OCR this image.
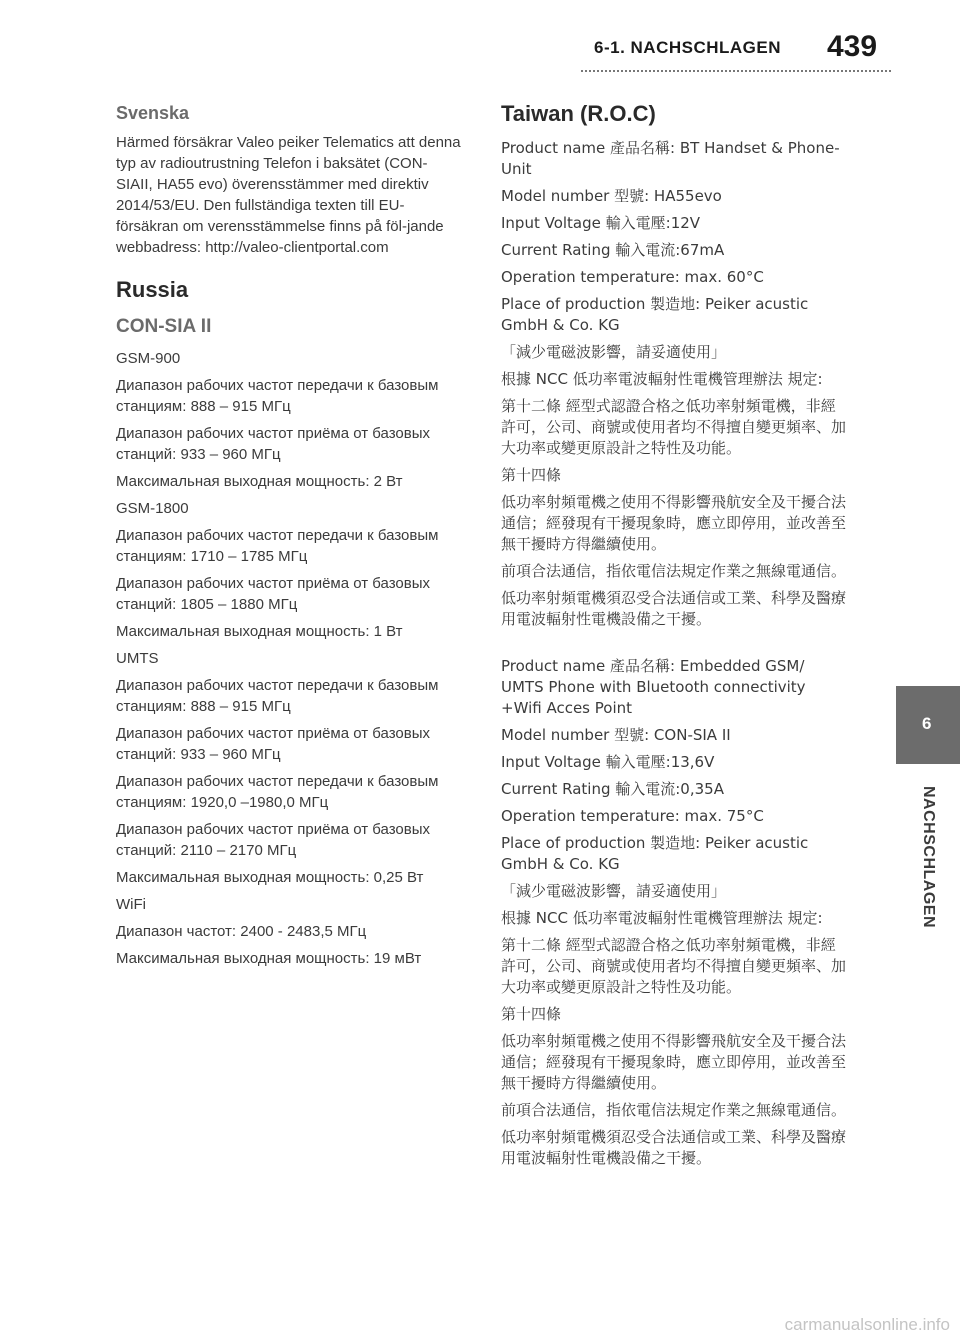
6-1. NACHSCHLAGEN 439
Svenska
Härmed försäkrar Valeo peiker Telematics att denna typ av radioutrustning Telefon i baksätet (CON-SIAII, HA55 evo) överensstämmer med direktiv 2014/53/EU. Den fullständiga texten till EU-försäkran om verensstämmelse finns på föl-jande webbadress: http://valeo-clientportal.com
Russia
CON-SIA II
GSM-900
Диапазон рабочих частот передачи к базовым станциям: 888 – 915 МГц
Диапазон рабочих частот приёма от базовых станций: 933 – 960 МГц
Максимальная выходная мощность: 2 Вт
GSM-1800
Диапазон рабочих частот передачи к базовым станциям: 1710 – 1785 МГц
Диапазон рабочих частот приёма от базовых станций: 1805 – 1880 МГц
Максимальная выходная мощность: 1 Вт
UMTS
Диапазон рабочих частот передачи к базовым станциям: 888 – 915 МГц
Диапазон рабочих частот приёма от базовых станций: 933 – 960 МГц
Диапазон рабочих частот передачи к базовым станциям: 1920,0 –1980,0 МГц
Диапазон рабочих частот приёма от базовых станций: 2110 – 2170 МГц
Максимальная выходная мощность: 0,25 Вт
WiFi
Диапазон частот: 2400 - 2483,5 МГц
Максимальная выходная мощность: 19 мВт
Taiwan (R.O.C)
Product name 產品名稱: BT Handset & Phone-Unit
Model number 型號: HA55evo
Input Voltage 輸入電壓:12V
Current Rating 輸入電流:67mA
Operation temperature: max. 60°C
Place of production 製造地: Peiker acustic GmbH & Co. KG
「減少電磁波影響，請妥適使用」
根據 NCC 低功率電波輻射性電機管理辦法 規定:
第十二條 經型式認證合格之低功率射頻電機，非經許可，公司、商號或使用者均不得擅自變更頻率、加大功率或變更原設計之特性及功能。
第十四條
低功率射頻電機之使用不得影響飛航安全及干擾合法通信；經發現有干擾現象時，應立即停用，並改善至無干擾時方得繼續使用。
前項合法通信，指依電信法規定作業之無線電通信。
低功率射頻電機須忍受合法通信或工業、科學及醫療用電波輻射性電機設備之干擾。
Product name 產品名稱: Embedded GSM/ UMTS Phone with Bluetooth connectivity +Wifi Acces Point
Model number 型號: CON-SIA II
Input Voltage 輸入電壓:13,6V
Current Rating 輸入電流:0,35A
Operation temperature: max. 75°C
Place of production 製造地: Peiker acustic GmbH & Co. KG
「減少電磁波影響，請妥適使用」
根據 NCC 低功率電波輻射性電機管理辦法 規定:
第十二條 經型式認證合格之低功率射頻電機，非經許可，公司、商號或使用者均不得擅自變更頻率、加大功率或變更原設計之特性及功能。
第十四條
低功率射頻電機之使用不得影響飛航安全及干擾合法通信；經發現有干擾現象時，應立即停用，並改善至無干擾時方得繼續使用。
前項合法通信，指依電信法規定作業之無線電通信。
低功率射頻電機須忍受合法通信或工業、科學及醫療用電波輻射性電機設備之干擾。
6
NACHSCHLAGEN
carmanualsonline.info
